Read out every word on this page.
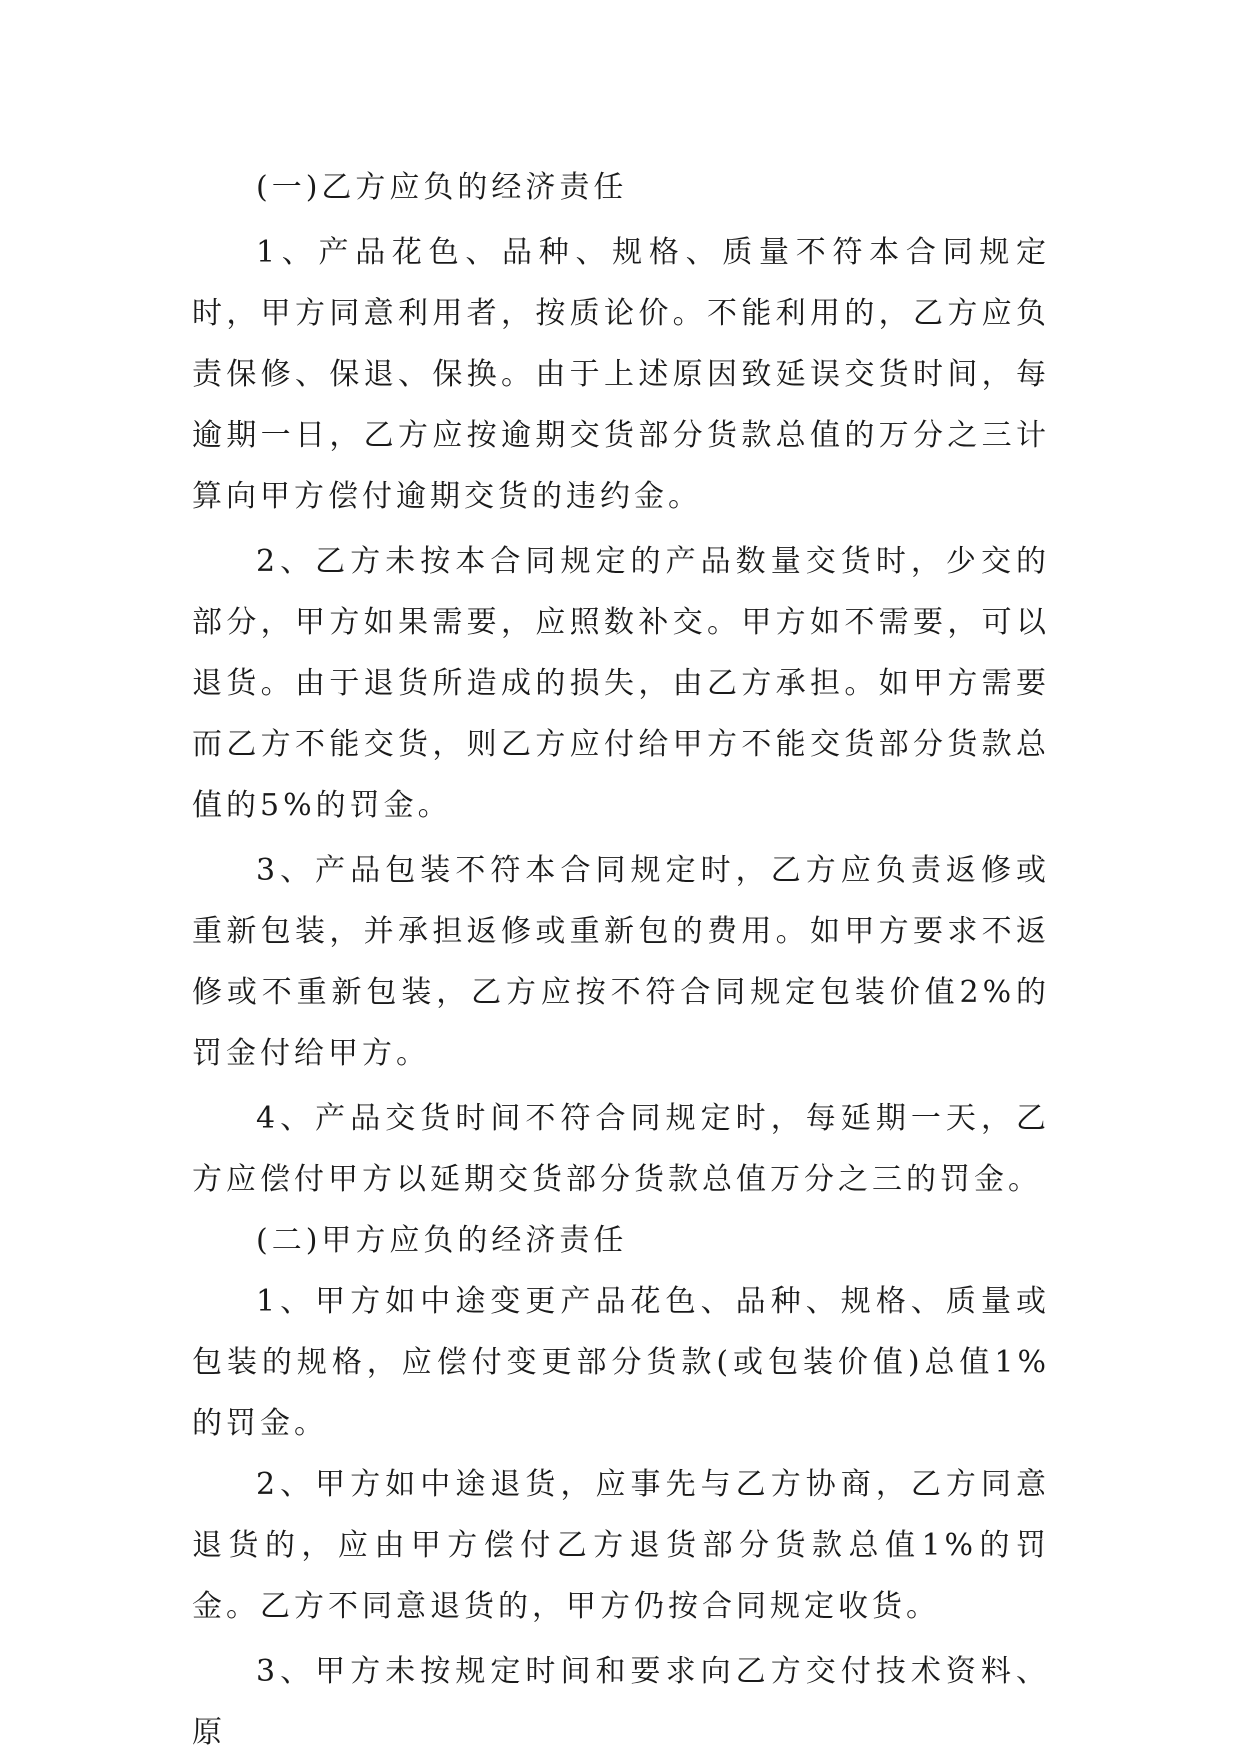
(一)乙方应负的经济责任

1、产品花色、品种、规格、质量不符本合同规定时，甲方同意利用者，按质论价。不能利用的，乙方应负责保修、保退、保换。由于上述原因致延误交货时间，每逾期一日，乙方应按逾期交货部分货款总值的万分之三计算向甲方偿付逾期交货的违约金。

2、乙方未按本合同规定的产品数量交货时，少交的部分，甲方如果需要，应照数补交。甲方如不需要，可以退货。由于退货所造成的损失，由乙方承担。如甲方需要而乙方不能交货，则乙方应付给甲方不能交货部分货款总值的5%的罚金。

3、产品包装不符本合同规定时，乙方应负责返修或重新包装，并承担返修或重新包的费用。如甲方要求不返修或不重新包装，乙方应按不符合同规定包装价值2%的罚金付给甲方。

4、产品交货时间不符合同规定时，每延期一天，乙方应偿付甲方以延期交货部分货款总值万分之三的罚金。

(二)甲方应负的经济责任

1、甲方如中途变更产品花色、品种、规格、质量或包装的规格，应偿付变更部分货款(或包装价值)总值1%的罚金。

2、甲方如中途退货，应事先与乙方协商，乙方同意退货的，应由甲方偿付乙方退货部分货款总值1%的罚金。乙方不同意退货的，甲方仍按合同规定收货。

3、甲方未按规定时间和要求向乙方交付技术资料、原
